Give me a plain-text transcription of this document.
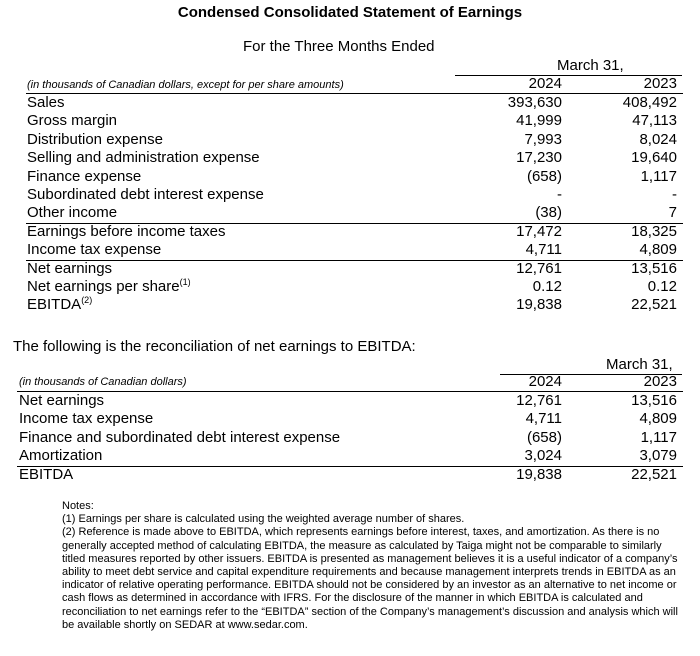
Condensed Consolidated Statement of Earnings
For the Three Months Ended
March 31,
(in thousands of Canadian dollars, except for per share amounts)	2024	2023
Sales	393,630	408,492
Gross margin	41,999	47,113
Distribution expense	7,993	8,024
Selling and administration expense	17,230	19,640
Finance expense	(658)	1,117
Subordinated debt interest expense	-	-
Other income	(38)	7
Earnings before income taxes	17,472	18,325
Income tax expense	4,711	4,809
Net earnings	12,761	13,516
Net earnings per share$^{(1)}$	0.12	0.12
EBITDA$^{(2)}$	19,838	22,521
The following is the reconciliation of net earnings to EBITDA:
March 31,
(in thousands of Canadian dollars)	2024	2023
Net earnings	12,761	13,516
Income tax expense	4,711	4,809
Finance and subordinated debt interest expense	(658)	1,117
Amortization	3,024	3,079
EBITDA	19,838	22,521

Notes:

(1) Earnings per share is calculated using the weighted average number of shares.

(2) Reference is made above to EBITDA, which represents earnings before interest, taxes, and amortization. As there is no generally accepted method of calculating EBITDA, the measure as calculated by Taiga might not be comparable to similarly titled measures reported by other issuers. EBITDA is presented as management believes it is a useful indicator of a company’s ability to meet debt service and capital expenditure requirements and because management interprets trends in EBITDA as an indicator of relative operating performance. EBITDA should not be considered by an investor as an alternative to net income or cash flows as determined in accordance with IFRS. For the disclosure of the manner in which EBITDA is calculated and reconciliation to net earnings refer to the “EBITDA” section of the Company’s management’s discussion and analysis which will be available shortly on SEDAR at www.sedar.com.
